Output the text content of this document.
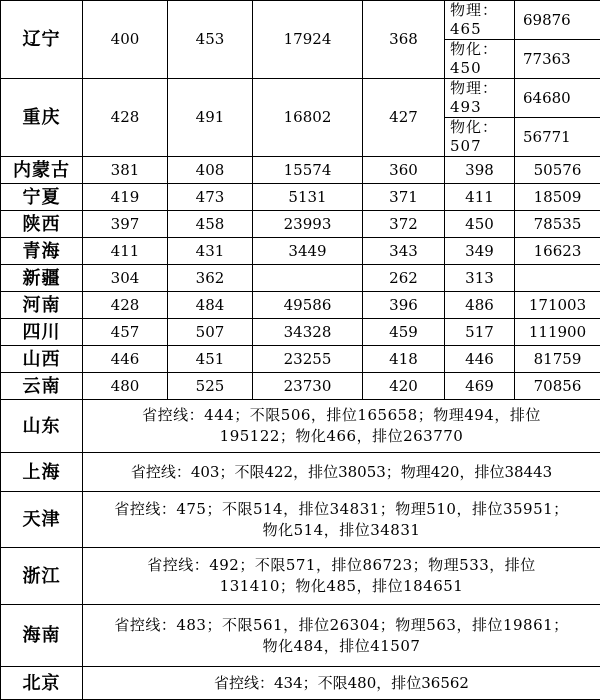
辽宁	400	453	17924	368	物理：465	69876
					物化：450	77363
重庆	428	491	16802	427	物理：493	64680
					物化：507	56771
内蒙古	381	408	15574	360	398	50576
宁夏	419	473	5131	371	411	18509
陕西	397	458	23993	372	450	78535
青海	411	431	3449	343	349	16623
新疆	304	362		262	313	
河南	428	484	49586	396	486	171003
四川	457	507	34328	459	517	111900
山西	446	451	23255	418	446	81759
云南	480	525	23730	420	469	70856
山东	省控线：444；不限506，排位165658；物理494，排位195122；物化466，排位263770					
上海	省控线：403；不限422，排位38053；物理420，排位38443					
天津	省控线：475；不限514，排位34831；物理510，排位35951；物化514，排位34831					
浙江	省控线：492；不限571，排位86723；物理533，排位131410；物化485，排位184651					
海南	省控线：483；不限561，排位26304；物理563，排位19861；物化484，排位41507					
北京	省控线：434；不限480，排位36562					
